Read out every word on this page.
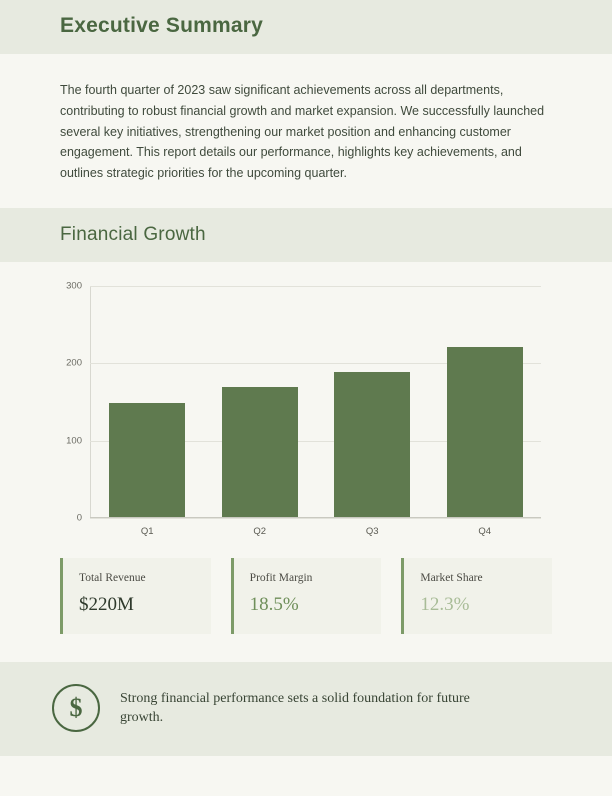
Executive Summary

The fourth quarter of 2023 saw significant achievements across all departments, contributing to robust financial growth and market expansion. We successfully launched several key initiatives, strengthening our market position and enhancing customer engagement. This report details our performance, highlights key achievements, and outlines strategic priorities for the upcoming quarter.

Financial Growth
0
100
200
300
Q1	Q2	Q3	Q4

Total Revenue

$220M

Profit Margin

18.5%

Market Share

12.3%

$	Strong financial performance sets a solid foundation for future growth.
